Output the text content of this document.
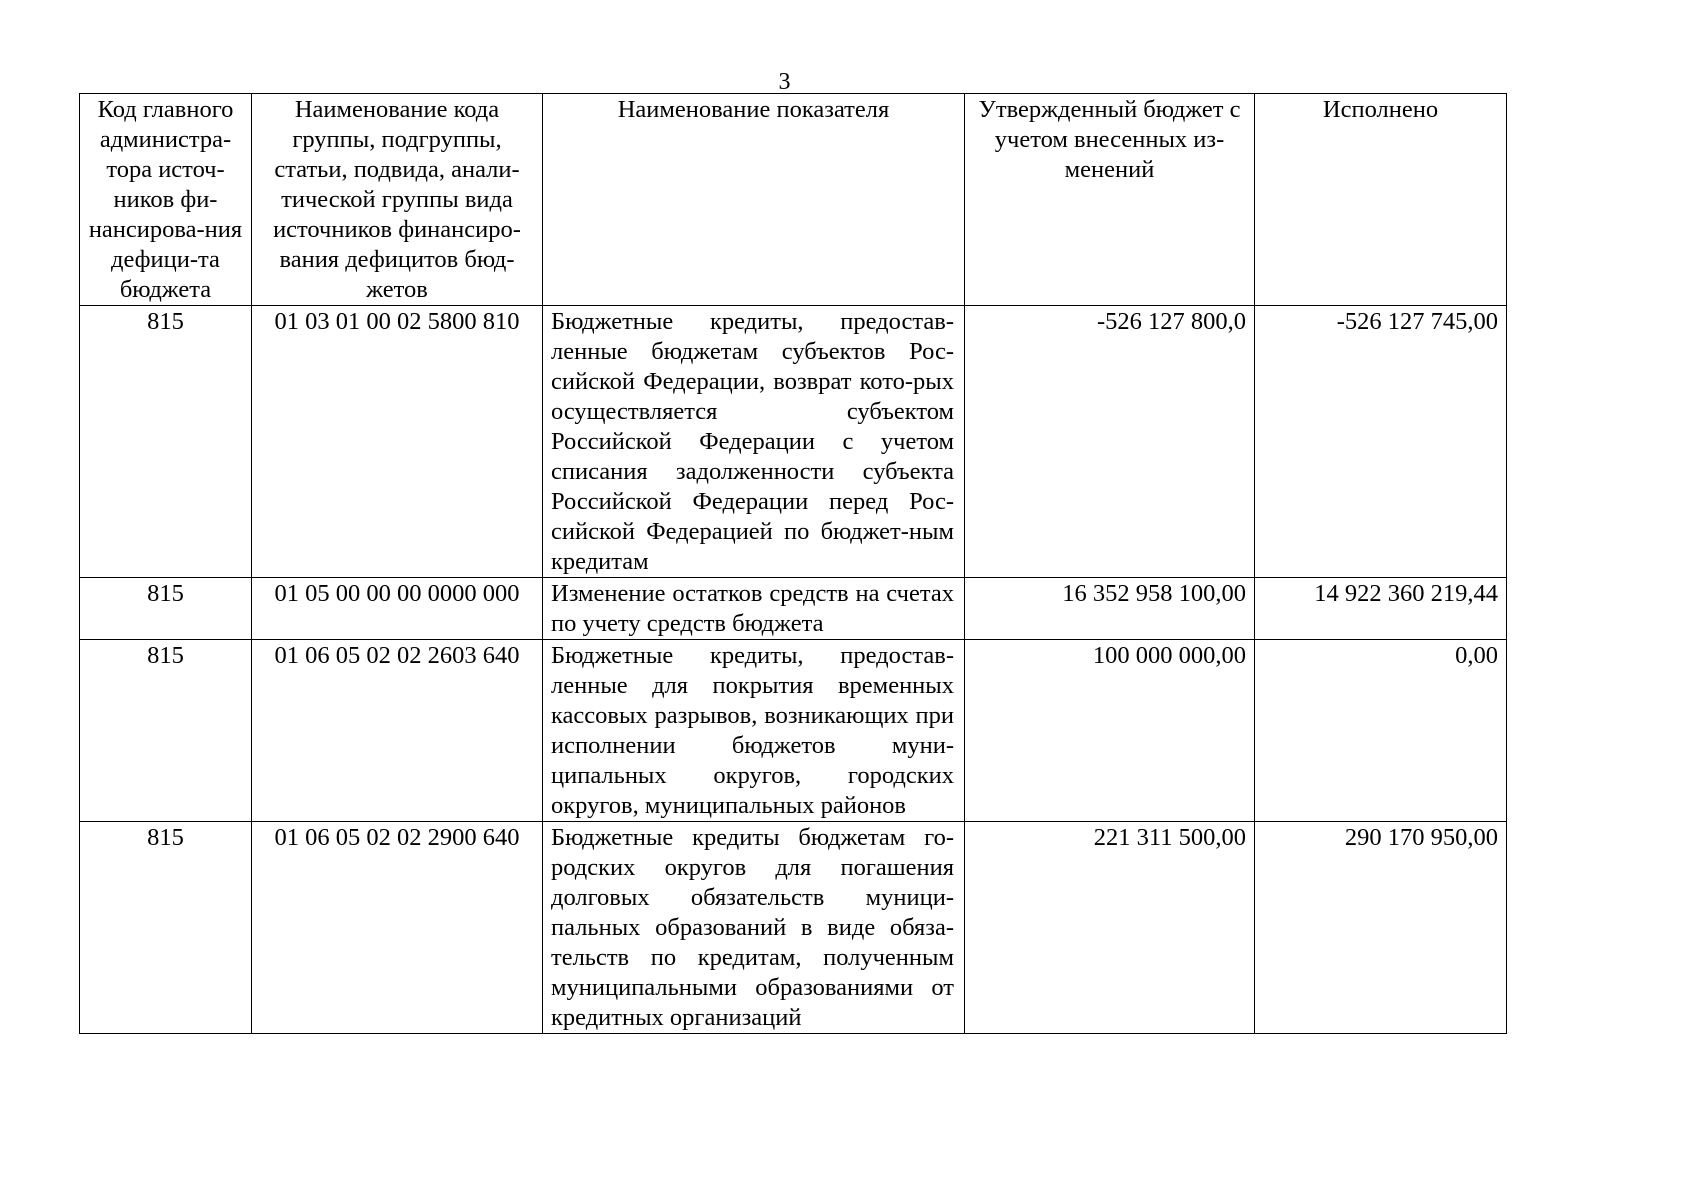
3
Код главного администра-тора источ-ников фи-нансирова-ния дефици-та бюджета	Наименование кода группы, подгруппы, статьи, подвида, анали-тической группы вида источников финансиро-вания дефицитов бюд-жетов	Наименование показателя	Утвержденный бюджет с учетом внесенных из-менений	Исполнено
815	01 03 01 00 02 5800 810	Бюджетные кредиты, предостав-ленные бюджетам субъектов Рос-сийской Федерации, возврат кото-рых осуществляется субъектом Российской Федерации с учетом списания задолженности субъекта Российской Федерации перед Рос-сийской Федерацией по бюджет-ным кредитам	-526 127 800,0	-526 127 745,00
815	01 05 00 00 00 0000 000	Изменение остатков средств на счетах по учету средств бюджета	16 352 958 100,00	14 922 360 219,44
815	01 06 05 02 02 2603 640	Бюджетные кредиты, предостав-ленные для покрытия временных кассовых разрывов, возникающих при исполнении бюджетов муни-ципальных округов, городских округов, муниципальных районов	100 000 000,00	0,00
815	01 06 05 02 02 2900 640	Бюджетные кредиты бюджетам го-родских округов для погашения долговых обязательств муници-пальных образований в виде обяза-тельств по кредитам, полученным муниципальными образованиями от кредитных организаций	221 311 500,00	290 170 950,00
